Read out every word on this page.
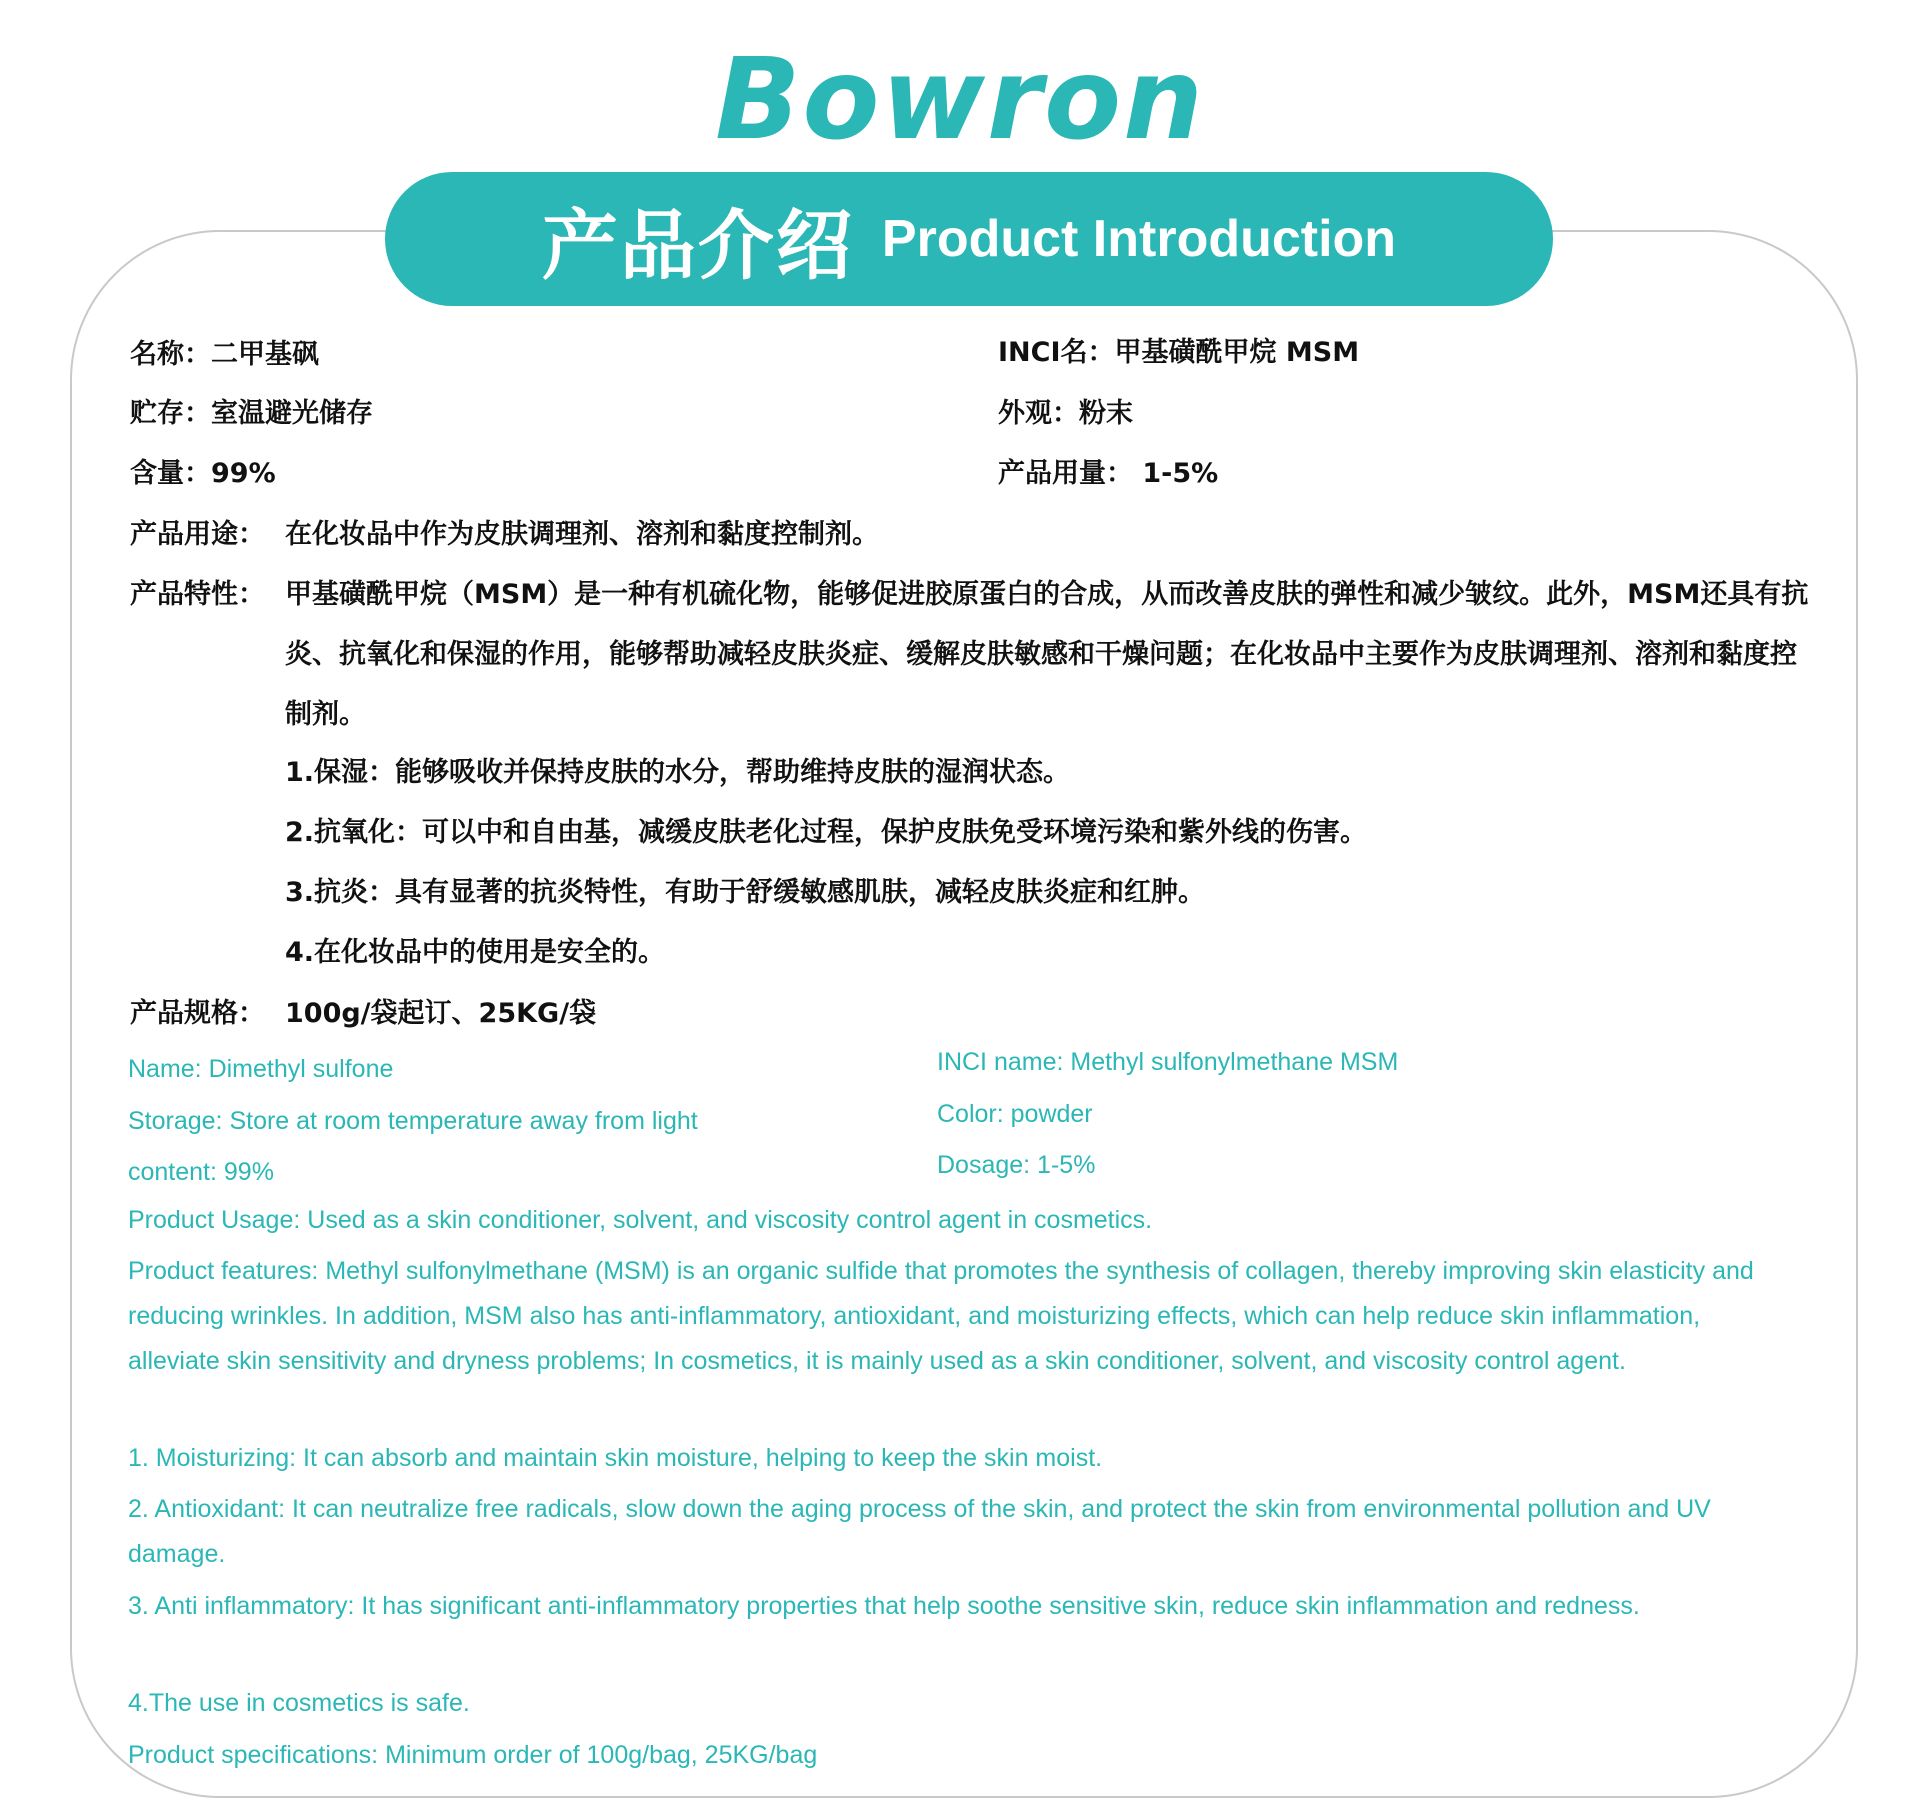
Bowron
产品介绍 Product Introduction
名称：二甲基砜	INCI名：甲基磺酰甲烷 MSM
贮存：室温避光储存	外观：粉末
含量：99%	产品用量： 1-5%
产品用途： 在化妆品中作为皮肤调理剂、溶剂和黏度控制剂。
产品特性： 甲基磺酰甲烷（MSM）是一种有机硫化物，能够促进胶原蛋白的合成，从而改善皮肤的弹性和减少皱纹。此外，MSM还具有抗炎、抗氧化和保湿的作用，能够帮助减轻皮肤炎症、缓解皮肤敏感和干燥问题；在化妆品中主要作为皮肤调理剂、溶剂和黏度控制剂。
1.保湿：能够吸收并保持皮肤的水分，帮助维持皮肤的湿润状态。
2.抗氧化：可以中和自由基，减缓皮肤老化过程，保护皮肤免受环境污染和紫外线的伤害。
3.抗炎：具有显著的抗炎特性，有助于舒缓敏感肌肤，减轻皮肤炎症和红肿。
4.在化妆品中的使用是安全的。
产品规格： 100g/袋起订、25KG/袋
Name: Dimethyl sulfone	INCI name: Methyl sulfonylmethane MSM
Storage: Store at room temperature away from light	Color: powder
content: 99%	Dosage: 1-5%
Product Usage: Used as a skin conditioner, solvent, and viscosity control agent in cosmetics.
Product features: Methyl sulfonylmethane (MSM) is an organic sulfide that promotes the synthesis of collagen, thereby improving skin elasticity and reducing wrinkles. In addition, MSM also has anti-inflammatory, antioxidant, and moisturizing effects, which can help reduce skin inflammation, alleviate skin sensitivity and dryness problems; In cosmetics, it is mainly used as a skin conditioner, solvent, and viscosity control agent.
1. Moisturizing: It can absorb and maintain skin moisture, helping to keep the skin moist.
2. Antioxidant: It can neutralize free radicals, slow down the aging process of the skin, and protect the skin from environmental pollution and UV damage.
3. Anti inflammatory: It has significant anti-inflammatory properties that help soothe sensitive skin, reduce skin inflammation and redness.
4.The use in cosmetics is safe.
Product specifications: Minimum order of 100g/bag, 25KG/bag
